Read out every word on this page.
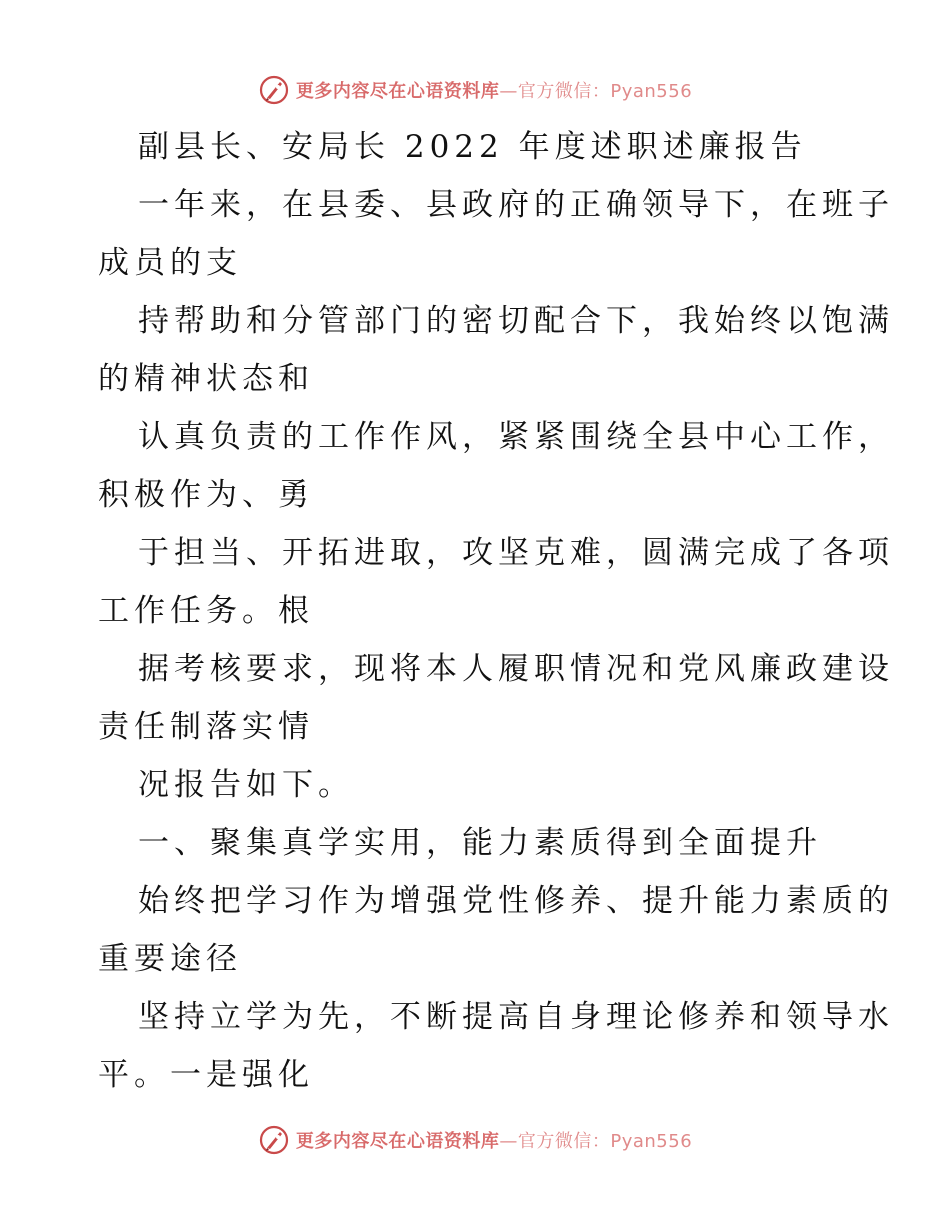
更多内容尽在心语资料库—官方微信：Pyan556
副县长、安局长 2022 年度述职述廉报告
一年来，在县委、县政府的正确领导下，在班子
成员的支
持帮助和分管部门的密切配合下，我始终以饱满
的精神状态和
认真负责的工作作风，紧紧围绕全县中心工作，
积极作为、勇
于担当、开拓进取，攻坚克难，圆满完成了各项
工作任务。根
据考核要求，现将本人履职情况和党风廉政建设
责任制落实情
况报告如下。
一、聚集真学实用，能力素质得到全面提升
始终把学习作为增强党性修养、提升能力素质的
重要途径
坚持立学为先，不断提高自身理论修养和领导水
平。一是强化
更多内容尽在心语资料库—官方微信：Pyan556
